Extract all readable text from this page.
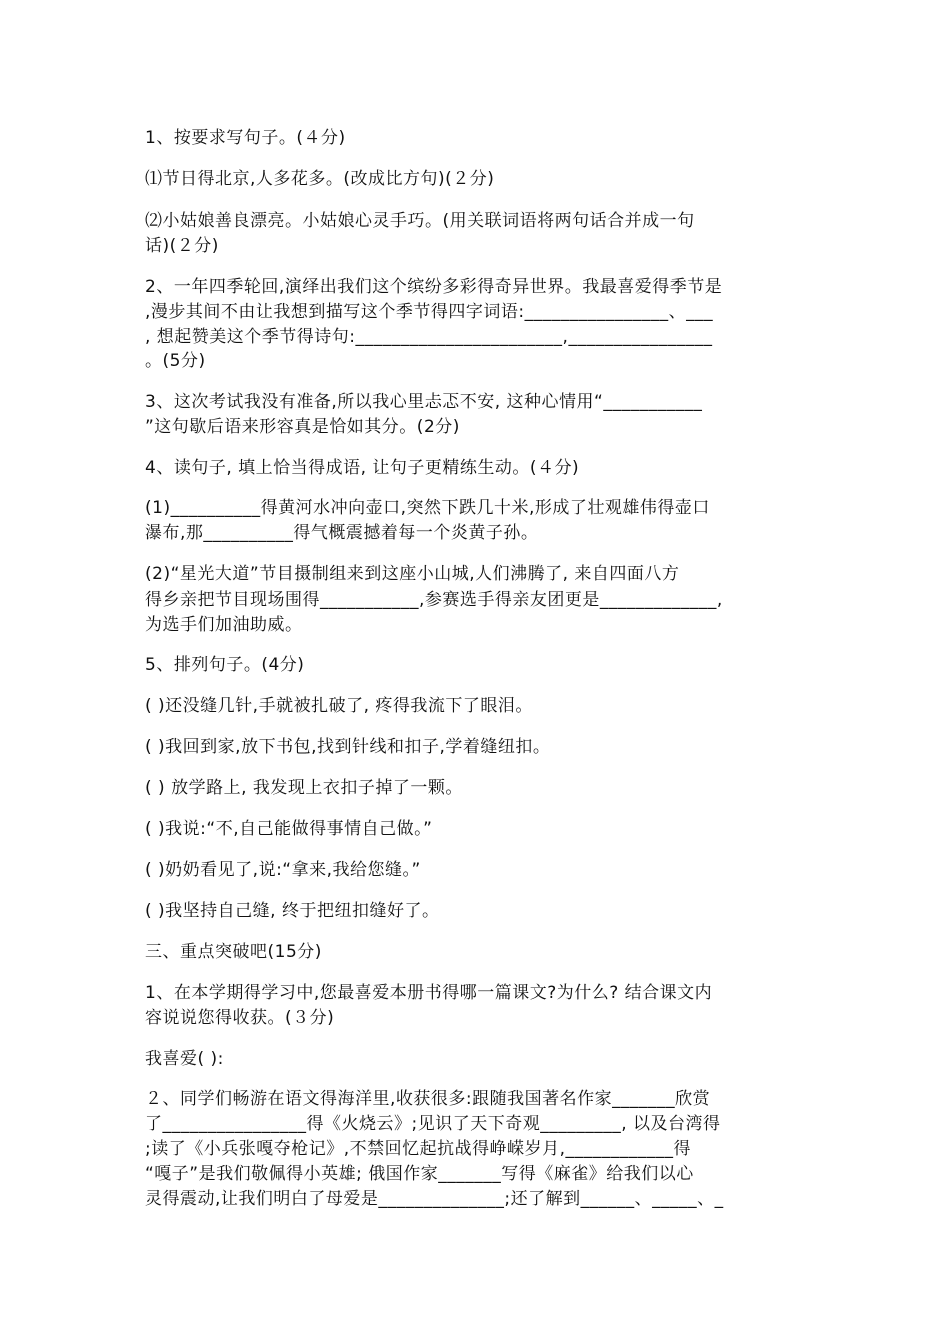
1、按要求写句子。(４分)
⑴节日得北京,人多花多。(改成比方句)(２分)
⑵小姑娘善良漂亮。小姑娘心灵手巧。(用关联词语将两句话合并成一句
话)(２分)
2、一年四季轮回,演绎出我们这个缤纷多彩得奇异世界。我最喜爱得季节是
,漫步其间不由让我想到描写这个季节得四字词语:________________、___
, 想起赞美这个季节得诗句:_______________________,________________
。(5分)
3、这次考试我没有准备,所以我心里忐忑不安, 这种心情用“___________
”这句歇后语来形容真是恰如其分。(2分)
4、读句子, 填上恰当得成语, 让句子更精练生动。(４分)
(1)__________得黄河水冲向壶口,突然下跌几十米,形成了壮观雄伟得壶口
瀑布,那__________得气概震撼着每一个炎黄子孙。
(2)“星光大道”节目摄制组来到这座小山城,人们沸腾了, 来自四面八方
得乡亲把节目现场围得___________,参赛选手得亲友团更是_____________,
为选手们加油助威。
5、排列句子。(4分)
( )还没缝几针,手就被扎破了, 疼得我流下了眼泪。
( )我回到家,放下书包,找到针线和扣子,学着缝纽扣。
( ) 放学路上, 我发现上衣扣子掉了一颗。
( )我说:“不,自己能做得事情自己做。”
( )奶奶看见了,说:“拿来,我给您缝。”
( )我坚持自己缝, 终于把纽扣缝好了。
三、重点突破吧(15分)
1、在本学期得学习中,您最喜爱本册书得哪一篇课文?为什么? 结合课文内
容说说您得收获。(３分)
我喜爱( ):
２、同学们畅游在语文得海洋里,收获很多:跟随我国著名作家_______欣赏
了________________得《火烧云》;见识了天下奇观_________, 以及台湾得
;读了《小兵张嘎夺枪记》,不禁回忆起抗战得峥嵘岁月,____________得
“嘎子”是我们敬佩得小英雄; 俄国作家_______写得《麻雀》给我们以心
灵得震动,让我们明白了母爱是______________;还了解到______、_____、_
